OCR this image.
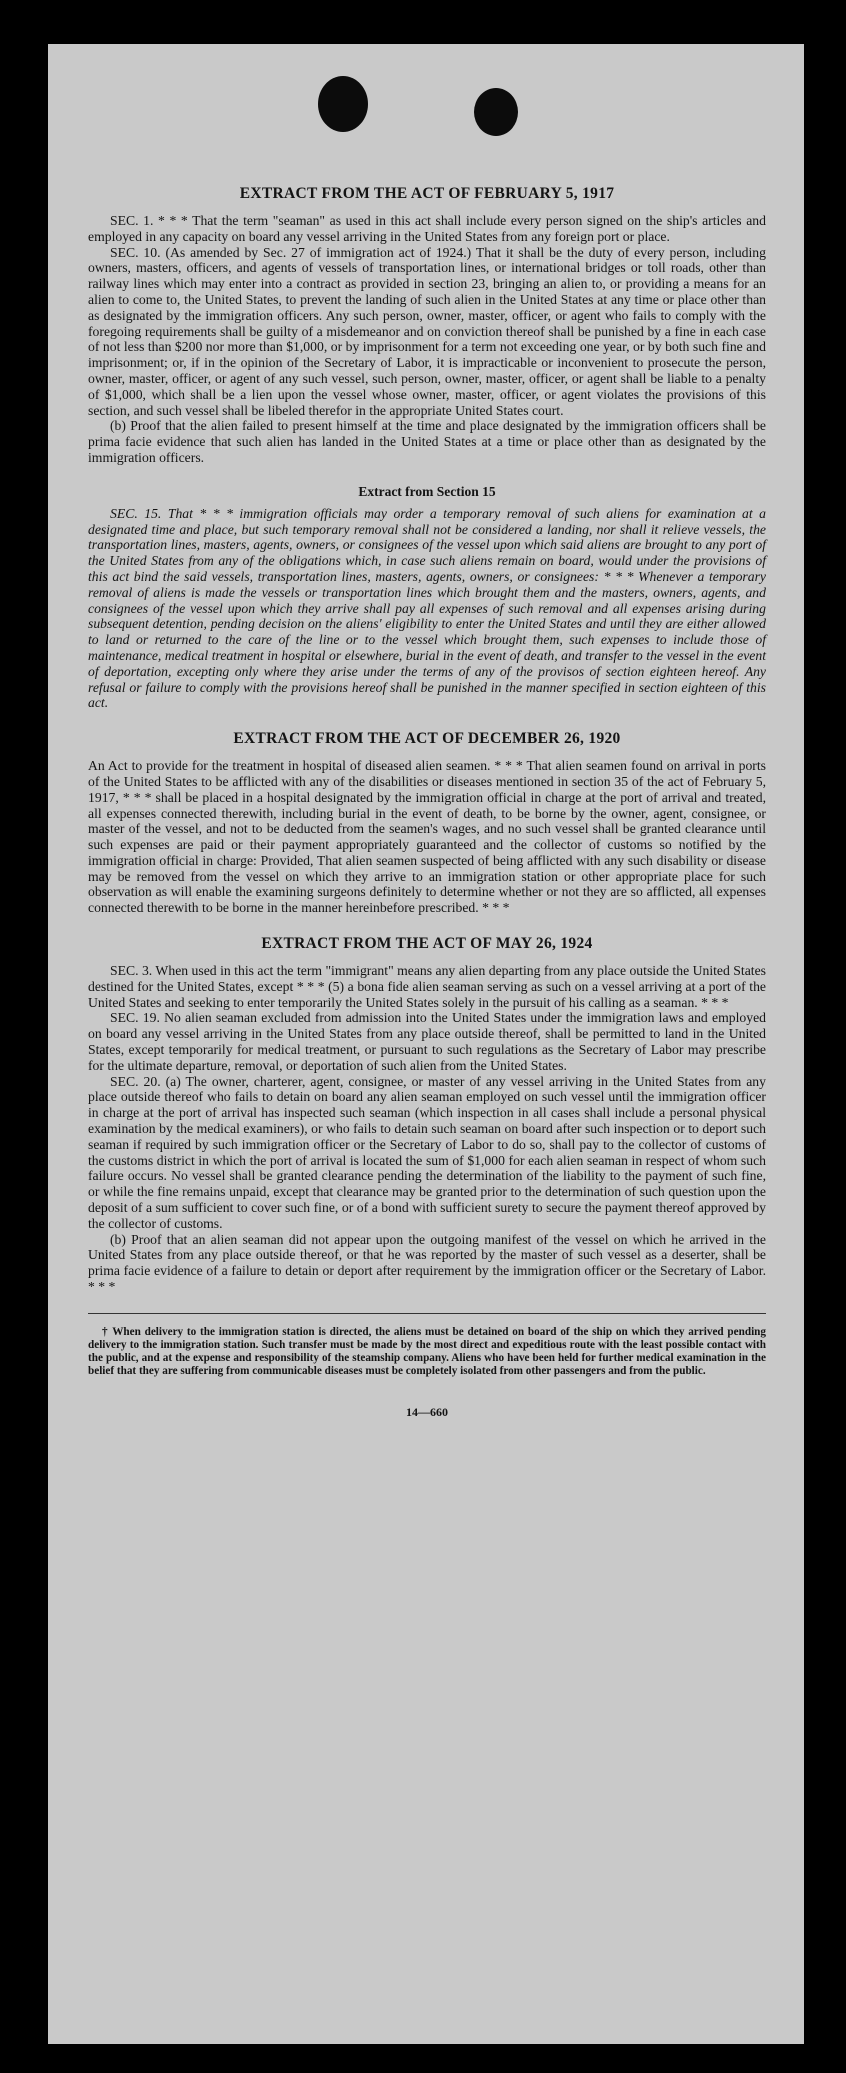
EXTRACT FROM THE ACT OF FEBRUARY 5, 1917

SEC. 1. * * * That the term "seaman" as used in this act shall include every person signed on the ship's articles and employed in any capacity on board any vessel arriving in the United States from any foreign port or place.

SEC. 10. (As amended by Sec. 27 of immigration act of 1924.) That it shall be the duty of every person, including owners, masters, officers, and agents of vessels of transportation lines, or international bridges or toll roads, other than railway lines which may enter into a contract as provided in section 23, bringing an alien to, or providing a means for an alien to come to, the United States, to prevent the landing of such alien in the United States at any time or place other than as designated by the immigration officers. Any such person, owner, master, officer, or agent who fails to comply with the foregoing requirements shall be guilty of a misdemeanor and on conviction thereof shall be punished by a fine in each case of not less than $200 nor more than $1,000, or by imprisonment for a term not exceeding one year, or by both such fine and imprisonment; or, if in the opinion of the Secretary of Labor, it is impracticable or inconvenient to prosecute the person, owner, master, officer, or agent of any such vessel, such person, owner, master, officer, or agent shall be liable to a penalty of $1,000, which shall be a lien upon the vessel whose owner, master, officer, or agent violates the provisions of this section, and such vessel shall be libeled therefor in the appropriate United States court.

(b) Proof that the alien failed to present himself at the time and place designated by the immigration officers shall be prima facie evidence that such alien has landed in the United States at a time or place other than as designated by the immigration officers.

Extract from Section 15

SEC. 15. That * * * immigration officials may order a temporary removal of such aliens for examination at a designated time and place, but such temporary removal shall not be considered a landing, nor shall it relieve vessels, the transportation lines, masters, agents, owners, or consignees of the vessel upon which said aliens are brought to any port of the United States from any of the obligations which, in case such aliens remain on board, would under the provisions of this act bind the said vessels, transportation lines, masters, agents, owners, or consignees: * * * Whenever a temporary removal of aliens is made the vessels or transportation lines which brought them and the masters, owners, agents, and consignees of the vessel upon which they arrive shall pay all expenses of such removal and all expenses arising during subsequent detention, pending decision on the aliens' eligibility to enter the United States and until they are either allowed to land or returned to the care of the line or to the vessel which brought them, such expenses to include those of maintenance, medical treatment in hospital or elsewhere, burial in the event of death, and transfer to the vessel in the event of deportation, excepting only where they arise under the terms of any of the provisos of section eighteen hereof. Any refusal or failure to comply with the provisions hereof shall be punished in the manner specified in section eighteen of this act.

EXTRACT FROM THE ACT OF DECEMBER 26, 1920

An Act to provide for the treatment in hospital of diseased alien seamen. * * * That alien seamen found on arrival in ports of the United States to be afflicted with any of the disabilities or diseases mentioned in section 35 of the act of February 5, 1917, * * * shall be placed in a hospital designated by the immigration official in charge at the port of arrival and treated, all expenses connected therewith, including burial in the event of death, to be borne by the owner, agent, consignee, or master of the vessel, and not to be deducted from the seamen's wages, and no such vessel shall be granted clearance until such expenses are paid or their payment appropriately guaranteed and the collector of customs so notified by the immigration official in charge: Provided, That alien seamen suspected of being afflicted with any such disability or disease may be removed from the vessel on which they arrive to an immigration station or other appropriate place for such observation as will enable the examining surgeons definitely to determine whether or not they are so afflicted, all expenses connected therewith to be borne in the manner hereinbefore prescribed. * * *

EXTRACT FROM THE ACT OF MAY 26, 1924

SEC. 3. When used in this act the term "immigrant" means any alien departing from any place outside the United States destined for the United States, except * * * (5) a bona fide alien seaman serving as such on a vessel arriving at a port of the United States and seeking to enter temporarily the United States solely in the pursuit of his calling as a seaman. * * *

SEC. 19. No alien seaman excluded from admission into the United States under the immigration laws and employed on board any vessel arriving in the United States from any place outside thereof, shall be permitted to land in the United States, except temporarily for medical treatment, or pursuant to such regulations as the Secretary of Labor may prescribe for the ultimate departure, removal, or deportation of such alien from the United States.

SEC. 20. (a) The owner, charterer, agent, consignee, or master of any vessel arriving in the United States from any place outside thereof who fails to detain on board any alien seaman employed on such vessel until the immigration officer in charge at the port of arrival has inspected such seaman (which inspection in all cases shall include a personal physical examination by the medical examiners), or who fails to detain such seaman on board after such inspection or to deport such seaman if required by such immigration officer or the Secretary of Labor to do so, shall pay to the collector of customs of the customs district in which the port of arrival is located the sum of $1,000 for each alien seaman in respect of whom such failure occurs. No vessel shall be granted clearance pending the determination of the liability to the payment of such fine, or while the fine remains unpaid, except that clearance may be granted prior to the determination of such question upon the deposit of a sum sufficient to cover such fine, or of a bond with sufficient surety to secure the payment thereof approved by the collector of customs.

(b) Proof that an alien seaman did not appear upon the outgoing manifest of the vessel on which he arrived in the United States from any place outside thereof, or that he was reported by the master of such vessel as a deserter, shall be prima facie evidence of a failure to detain or deport after requirement by the immigration officer or the Secretary of Labor. * * *

† When delivery to the immigration station is directed, the aliens must be detained on board of the ship on which they arrived pending delivery to the immigration station. Such transfer must be made by the most direct and expeditious route with the least possible contact with the public, and at the expense and responsibility of the steamship company. Aliens who have been held for further medical examination in the belief that they are suffering from communicable diseases must be completely isolated from other passengers and from the public.

14—660
